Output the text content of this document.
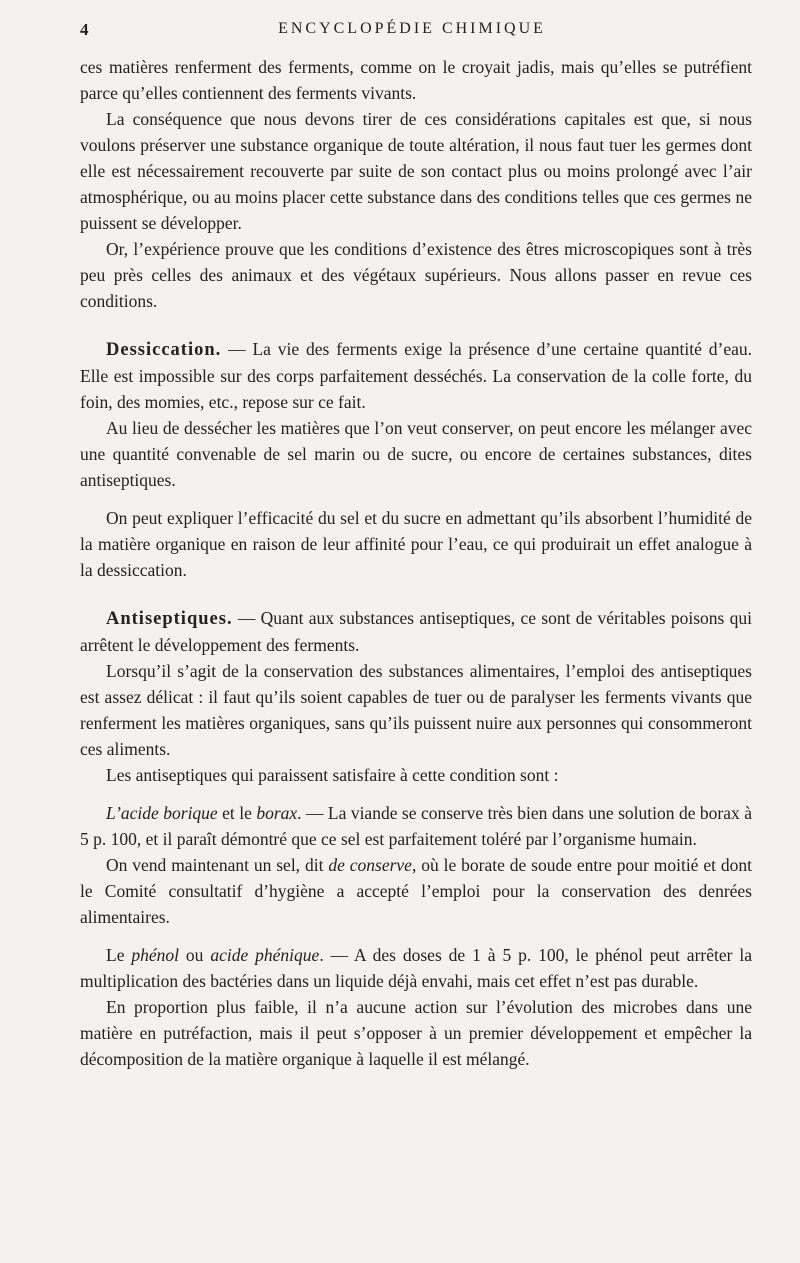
4	ENCYCLOPÉDIE CHIMIQUE

ces matières renferment des ferments, comme on le croyait jadis, mais qu’elles se putréfient parce qu’elles contiennent des ferments vivants.

La conséquence que nous devons tirer de ces considérations capitales est que, si nous voulons préserver une substance organique de toute altération, il nous faut tuer les germes dont elle est nécessairement recouverte par suite de son contact plus ou moins prolongé avec l’air atmosphérique, ou au moins placer cette substance dans des conditions telles que ces germes ne puissent se développer.

Or, l’expérience prouve que les conditions d’existence des êtres microscopiques sont à très peu près celles des animaux et des végétaux supérieurs. Nous allons passer en revue ces conditions.

Dessiccation. — La vie des ferments exige la présence d’une certaine quantité d’eau. Elle est impossible sur des corps parfaitement desséchés. La conservation de la colle forte, du foin, des momies, etc., repose sur ce fait.

Au lieu de dessécher les matières que l’on veut conserver, on peut encore les mélanger avec une quantité convenable de sel marin ou de sucre, ou encore de certaines substances, dites antiseptiques.

On peut expliquer l’efficacité du sel et du sucre en admettant qu’ils absorbent l’humidité de la matière organique en raison de leur affinité pour l’eau, ce qui produirait un effet analogue à la dessiccation.

Antiseptiques. — Quant aux substances antiseptiques, ce sont de véritables poisons qui arrêtent le développement des ferments.

Lorsqu’il s’agit de la conservation des substances alimentaires, l’emploi des antiseptiques est assez délicat : il faut qu’ils soient capables de tuer ou de paralyser les ferments vivants que renferment les matières organiques, sans qu’ils puissent nuire aux personnes qui consommeront ces aliments.

Les antiseptiques qui paraissent satisfaire à cette condition sont :

L’acide borique et le borax. — La viande se conserve très bien dans une solution de borax à 5 p. 100, et il paraît démontré que ce sel est parfaitement toléré par l’organisme humain.

On vend maintenant un sel, dit de conserve, où le borate de soude entre pour moitié et dont le Comité consultatif d’hygiène a accepté l’emploi pour la conservation des denrées alimentaires.

Le phénol ou acide phénique. — A des doses de 1 à 5 p. 100, le phénol peut arrêter la multiplication des bactéries dans un liquide déjà envahi, mais cet effet n’est pas durable.

En proportion plus faible, il n’a aucune action sur l’évolution des microbes dans une matière en putréfaction, mais il peut s’opposer à un premier développement et empêcher la décomposition de la matière organique à laquelle il est mélangé.
